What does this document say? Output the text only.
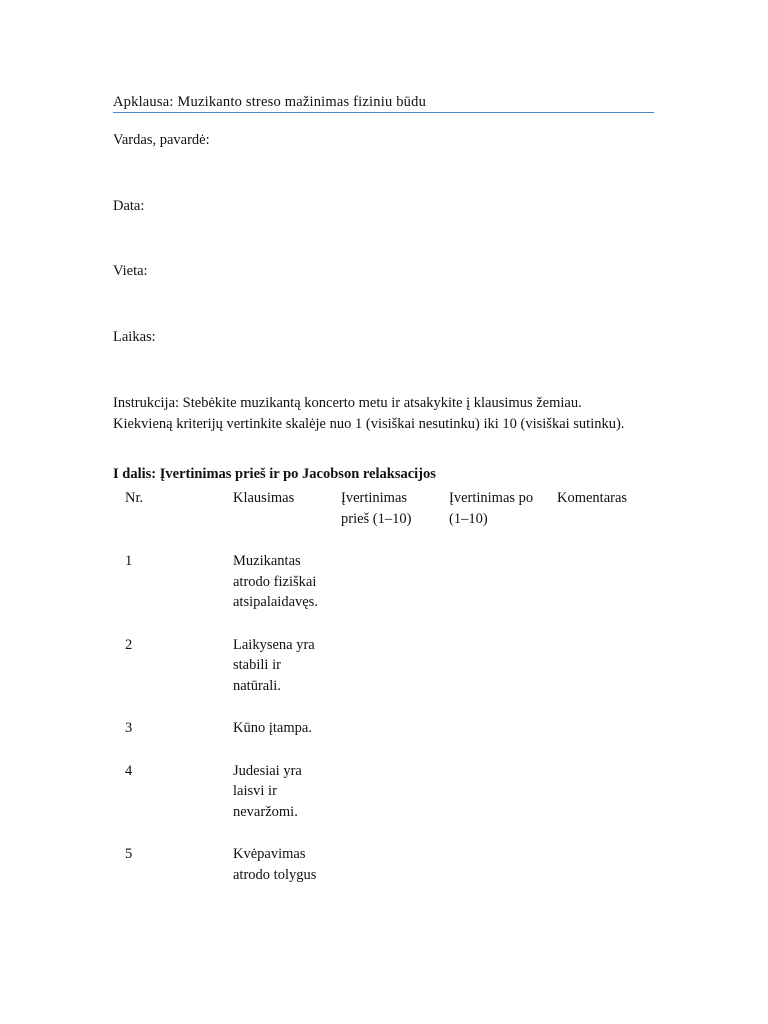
Apklausa: Muzikanto streso mažinimas fiziniu būdu
Vardas, pavardė:
Data:
Vieta:
Laikas:
Instrukcija: Stebėkite muzikantą koncerto metu ir atsakykite į klausimus žemiau.
Kiekvieną kriterijų vertinkite skalėje nuo 1 (visiškai nesutinku) iki 10 (visiškai sutinku).
I dalis: Įvertinimas prieš ir po Jacobson relaksacijos
Nr.	Klausimas	Įvertinimas prieš (1–10)	Įvertinimas po (1–10)	Komentaras
1	Muzikantas atrodo fiziškai atsipalaidavęs.			
2	Laikysena yra stabili ir natūrali.			
3	Kūno įtampa.			
4	Judesiai yra laisvi ir nevaržomi.			
5	Kvėpavimas atrodo tolygus			
